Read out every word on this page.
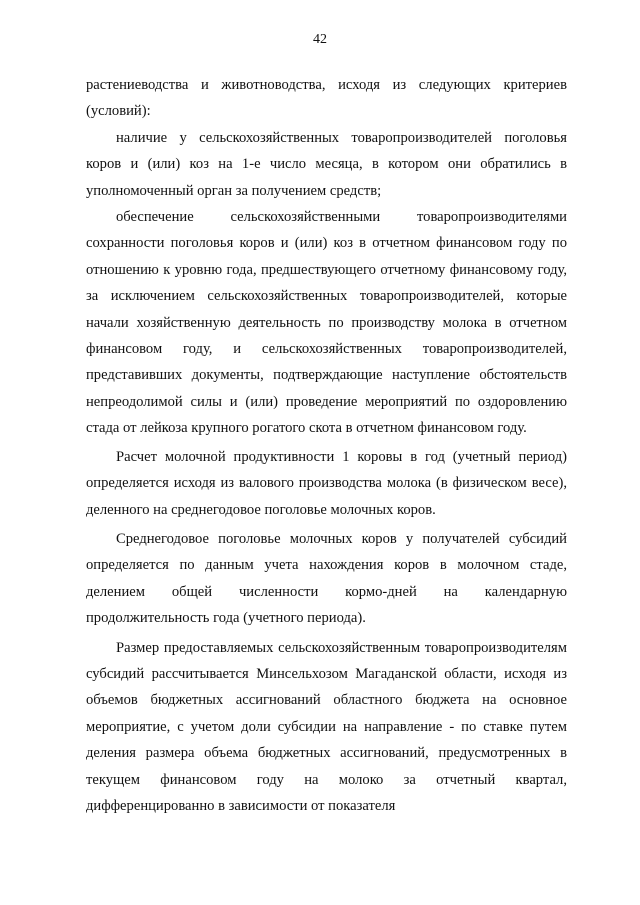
42

растениеводства и животноводства, исходя из следующих критериев (условий):

наличие у сельскохозяйственных товаропроизводителей поголовья коров и (или) коз на 1-е число месяца, в котором они обратились в уполномоченный орган за получением средств;

обеспечение сельскохозяйственными товаропроизводителями сохранности поголовья коров и (или) коз в отчетном финансовом году по отношению к уровню года, предшествующего отчетному финансовому году, за исключением сельскохозяйственных товаропроизводителей, которые начали хозяйственную деятельность по производству молока в отчетном финансовом году, и сельскохозяйственных товаропроизводителей, представивших документы, подтверждающие наступление обстоятельств непреодолимой силы и (или) проведение мероприятий по оздоровлению стада от лейкоза крупного рогатого скота в отчетном финансовом году.

Расчет молочной продуктивности 1 коровы в год (учетный период) определяется исходя из валового производства молока (в физическом весе), деленного на среднегодовое поголовье молочных коров.

Среднегодовое поголовье молочных коров у получателей субсидий определяется по данным учета нахождения коров в молочном стаде, делением общей численности кормо-дней на календарную продолжительность года (учетного периода).

Размер предоставляемых сельскохозяйственным товаропроизводителям субсидий рассчитывается Минсельхозом Магаданской области, исходя из объемов бюджетных ассигнований областного бюджета на основное мероприятие, с учетом доли субсидии на направление - по ставке путем деления размера объема бюджетных ассигнований, предусмотренных в текущем финансовом году на молоко за отчетный квартал, дифференцированно в зависимости от показателя
